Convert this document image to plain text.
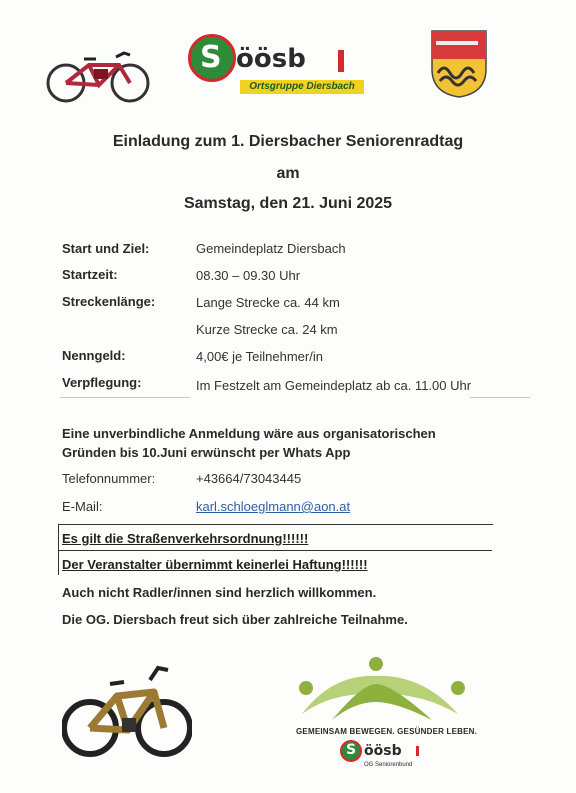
S öösb
Ortsgruppe Diersbach
Einladung zum 1. Diersbacher Seniorenradtag
am
Samstag, den 21. Juni 2025
Start und Ziel:	Gemeindeplatz Diersbach
Startzeit:	08.30 – 09.30 Uhr
Streckenlänge:	Lange Strecke ca. 44 km
Kurze Strecke ca. 24 km
Nenngeld:	4,00€ je Teilnehmer/in
Verpflegung:	Im Festzelt am Gemeindeplatz ab ca. 11.00 Uhr
Eine unverbindliche Anmeldung wäre aus organisatorischen
Gründen bis 10.Juni erwünscht per Whats App
Telefonnummer:	+43664/73043445
E-Mail:	karl.schloeglmann@aon.at
Es gilt die Straßenverkehrsordnung!!!!!!
Der Veranstalter übernimmt keinerlei Haftung!!!!!!
Auch nicht Radler/innen sind herzlich willkommen.
Die OG. Diersbach freut sich über zahlreiche Teilnahme.
GEMEINSAM BEWEGEN. GESÜNDER LEBEN.
S öösb
OG Seniorenbund
